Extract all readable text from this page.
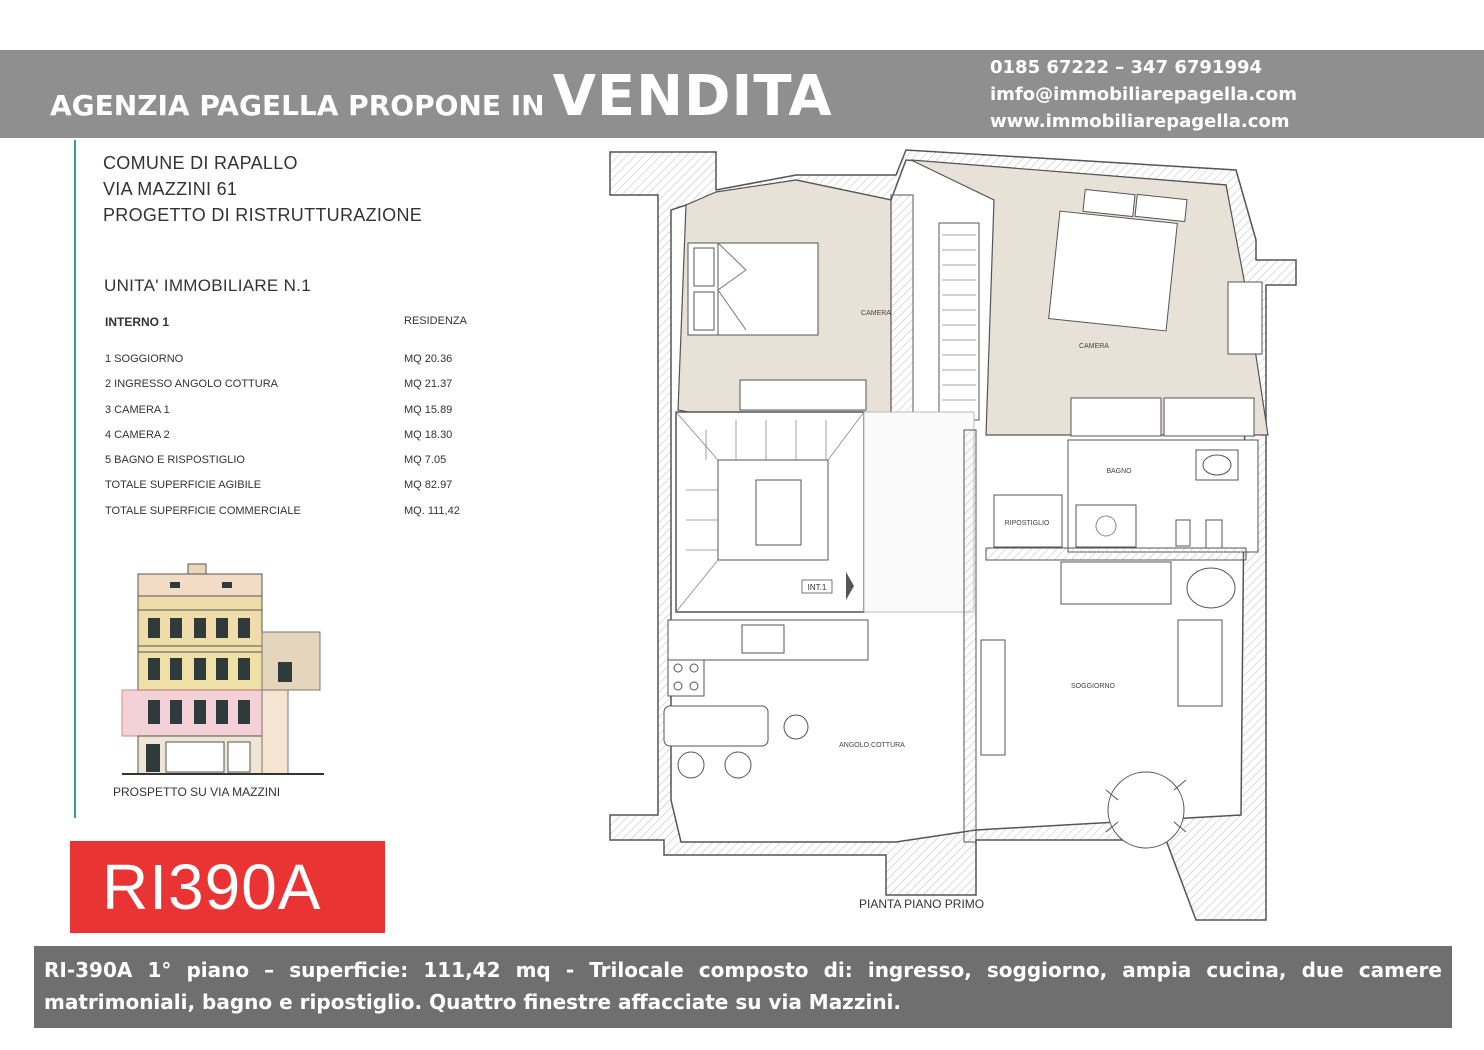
AGENZIA PAGELLA PROPONE IN VENDITA	0185 67222 – 347 6791994
imfo@immobiliarepagella.com
www.immobiliarepagella.com
COMUNE DI RAPALLO
VIA MAZZINI 61
PROGETTO DI RISTRUTTURAZIONE
UNITA' IMMOBILIARE N.1
INTERNO 1	RESIDENZA
1 SOGGIORNO	MQ 20.36
2 INGRESSO ANGOLO COTTURA	MQ 21.37
3 CAMERA 1	MQ 15.89
4 CAMERA 2	MQ 18.30
5 BAGNO E RISPOSTIGLIO	MQ 7.05
TOTALE SUPERFICIE AGIBILE	MQ 82.97
TOTALE SUPERFICIE COMMERCIALE	MQ. 111,42
PROSPETTO SU VIA MAZZINI
RI390A
CAMERA
CAMERA
BAGNO
RIPOSTIGLIO
INT.1
SOGGIORNO
ANGOLO COTTURA
PIANTA PIANO PRIMO
RI-390A 1° piano – superficie: 111,42 mq - Trilocale composto di: ingresso, soggiorno, ampia cucina, due camere matrimoniali, bagno e ripostiglio. Quattro finestre affacciate su via Mazzini.
